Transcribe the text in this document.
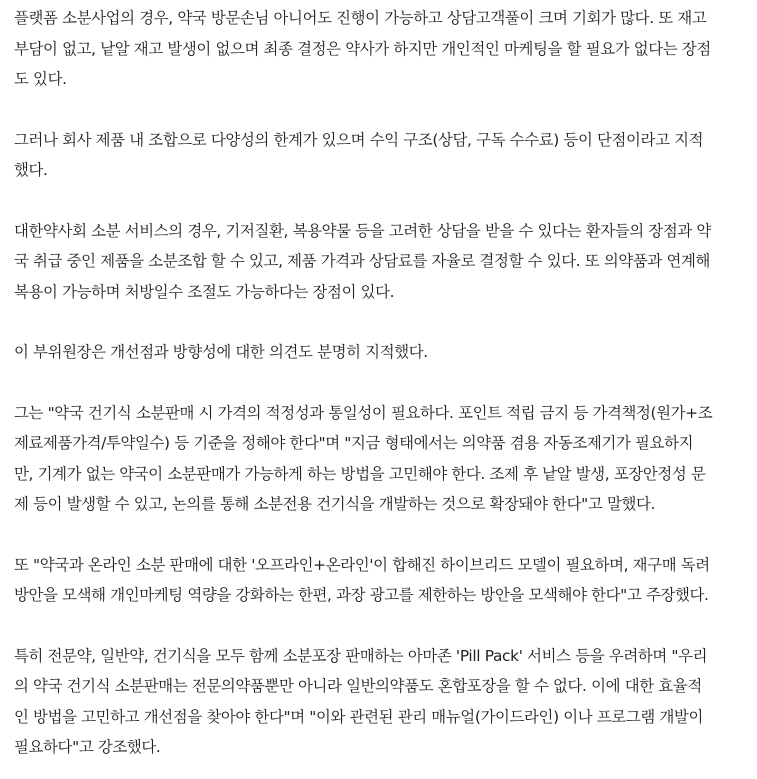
플랫폼 소분사업의 경우, 약국 방문손님 아니어도 진행이 가능하고 상담고객풀이 크며 기회가 많다. 또 재고
부담이 없고, 낱알 재고 발생이 없으며 최종 결정은 약사가 하지만 개인적인 마케팅을 할 필요가 없다는 장점
도 있다.

그러나 회사 제품 내 조합으로 다양성의 한계가 있으며 수익 구조(상담, 구독 수수료) 등이 단점이라고 지적
했다.

대한약사회 소분 서비스의 경우, 기저질환, 복용약물 등을 고려한 상담을 받을 수 있다는 환자들의 장점과 약
국 취급 중인 제품을 소분조합 할 수 있고, 제품 가격과 상담료를 자율로 결정할 수 있다. 또 의약품과 연계해
복용이 가능하며 처방일수 조절도 가능하다는 장점이 있다.

이 부위원장은 개선점과 방향성에 대한 의견도 분명히 지적했다.

그는 "약국 건기식 소분판매 시 가격의 적정성과 통일성이 필요하다. 포인트 적립 금지 등 가격책정(원가+조
제료제품가격/투약일수) 등 기준을 정해야 한다"며 "지금 형태에서는 의약품 겸용 자동조제기가 필요하지
만, 기계가 없는 약국이 소분판매가 가능하게 하는 방법을 고민해야 한다. 조제 후 낱알 발생, 포장안정성 문
제 등이 발생할 수 있고, 논의를 통해 소분전용 건기식을 개발하는 것으로 확장돼야 한다"고 말했다.

또 "약국과 온라인 소분 판매에 대한 '오프라인+온라인'이 합해진 하이브리드 모델이 필요하며, 재구매 독려
방안을 모색해 개인마케팅 역량을 강화하는 한편, 과장 광고를 제한하는 방안을 모색해야 한다"고 주장했다.

특히 전문약, 일반약, 건기식을 모두 함께 소분포장 판매하는 아마존 'Pill Pack' 서비스 등을 우려하며 "우리
의 약국 건기식 소분판매는 전문의약품뿐만 아니라 일반의약품도 혼합포장을 할 수 없다. 이에 대한 효율적
인 방법을 고민하고 개선점을 찾아야 한다"며 "이와 관련된 관리 매뉴얼(가이드라인) 이나 프로그램 개발이
필요하다"고 강조했다.
